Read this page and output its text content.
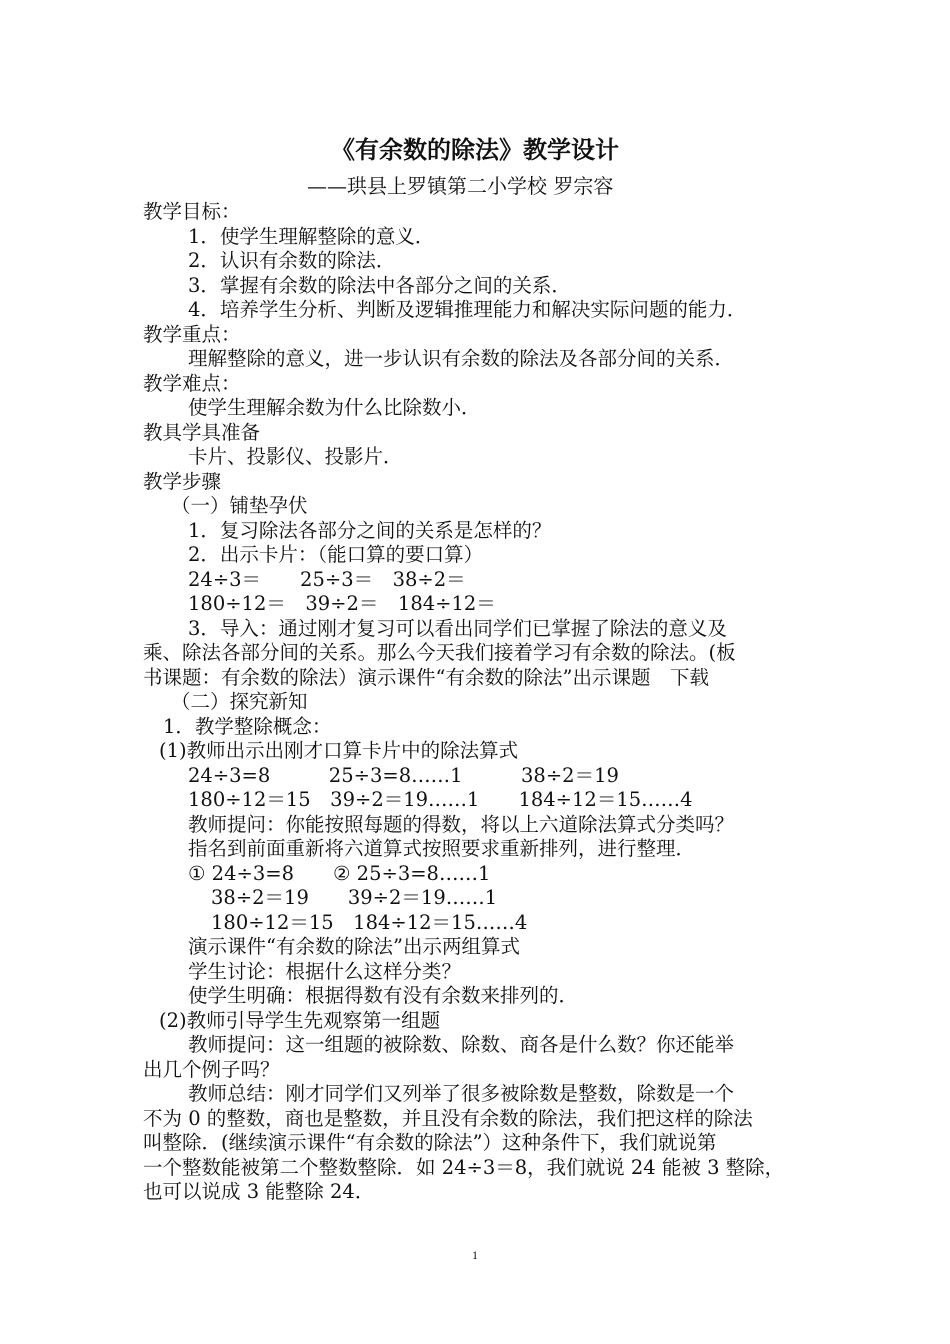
《有余数的除法》教学设计
——珙县上罗镇第二小学校 罗宗容
教学目标：
1．使学生理解整除的意义．
2．认识有余数的除法．
3．掌握有余数的除法中各部分之间的关系．
4．培养学生分析、判断及逻辑推理能力和解决实际问题的能力．
教学重点：
理解整除的意义，进一步认识有余数的除法及各部分间的关系．
教学难点：
使学生理解余数为什么比除数小．
教具学具准备
卡片、投影仪、投影片．
教学步骤
（一）铺垫孕伏
1．复习除法各部分之间的关系是怎样的？
2．出示卡片：（能口算的要口算）
24÷3＝　　25÷3＝　38÷2＝
180÷12＝　39÷2＝　184÷12＝
3．导入：通过刚才复习可以看出同学们已掌握了除法的意义及
乘、除法各部分间的关系。那么今天我们接着学习有余数的除法。(板
书课题：有余数的除法）演示课件“有余数的除法”出示课题　下载
（二）探究新知
1．教学整除概念：
(1)教师出示出刚才口算卡片中的除法算式
24÷3=8　　　25÷3=8……1　　　38÷2＝19
180÷12＝15　39÷2＝19……1　　184÷12＝15……4
教师提问：你能按照每题的得数，将以上六道除法算式分类吗？
指名到前面重新将六道算式按照要求重新排列，进行整理．
① 24÷3=8　　② 25÷3=8……1
38÷2＝19　　39÷2＝19……1
180÷12＝15　184÷12＝15……4
演示课件“有余数的除法”出示两组算式
学生讨论：根据什么这样分类？
使学生明确：根据得数有没有余数来排列的．
(2)教师引导学生先观察第一组题
教师提问：这一组题的被除数、除数、商各是什么数？你还能举
出几个例子吗？
教师总结：刚才同学们又列举了很多被除数是整数，除数是一个
不为 0 的整数，商也是整数，并且没有余数的除法，我们把这样的除法
叫整除．(继续演示课件“有余数的除法”）这种条件下，我们就说第
一个整数能被第二个整数整除．如 24÷3＝8，我们就说 24 能被 3 整除，
也可以说成 3 能整除 24．
1
